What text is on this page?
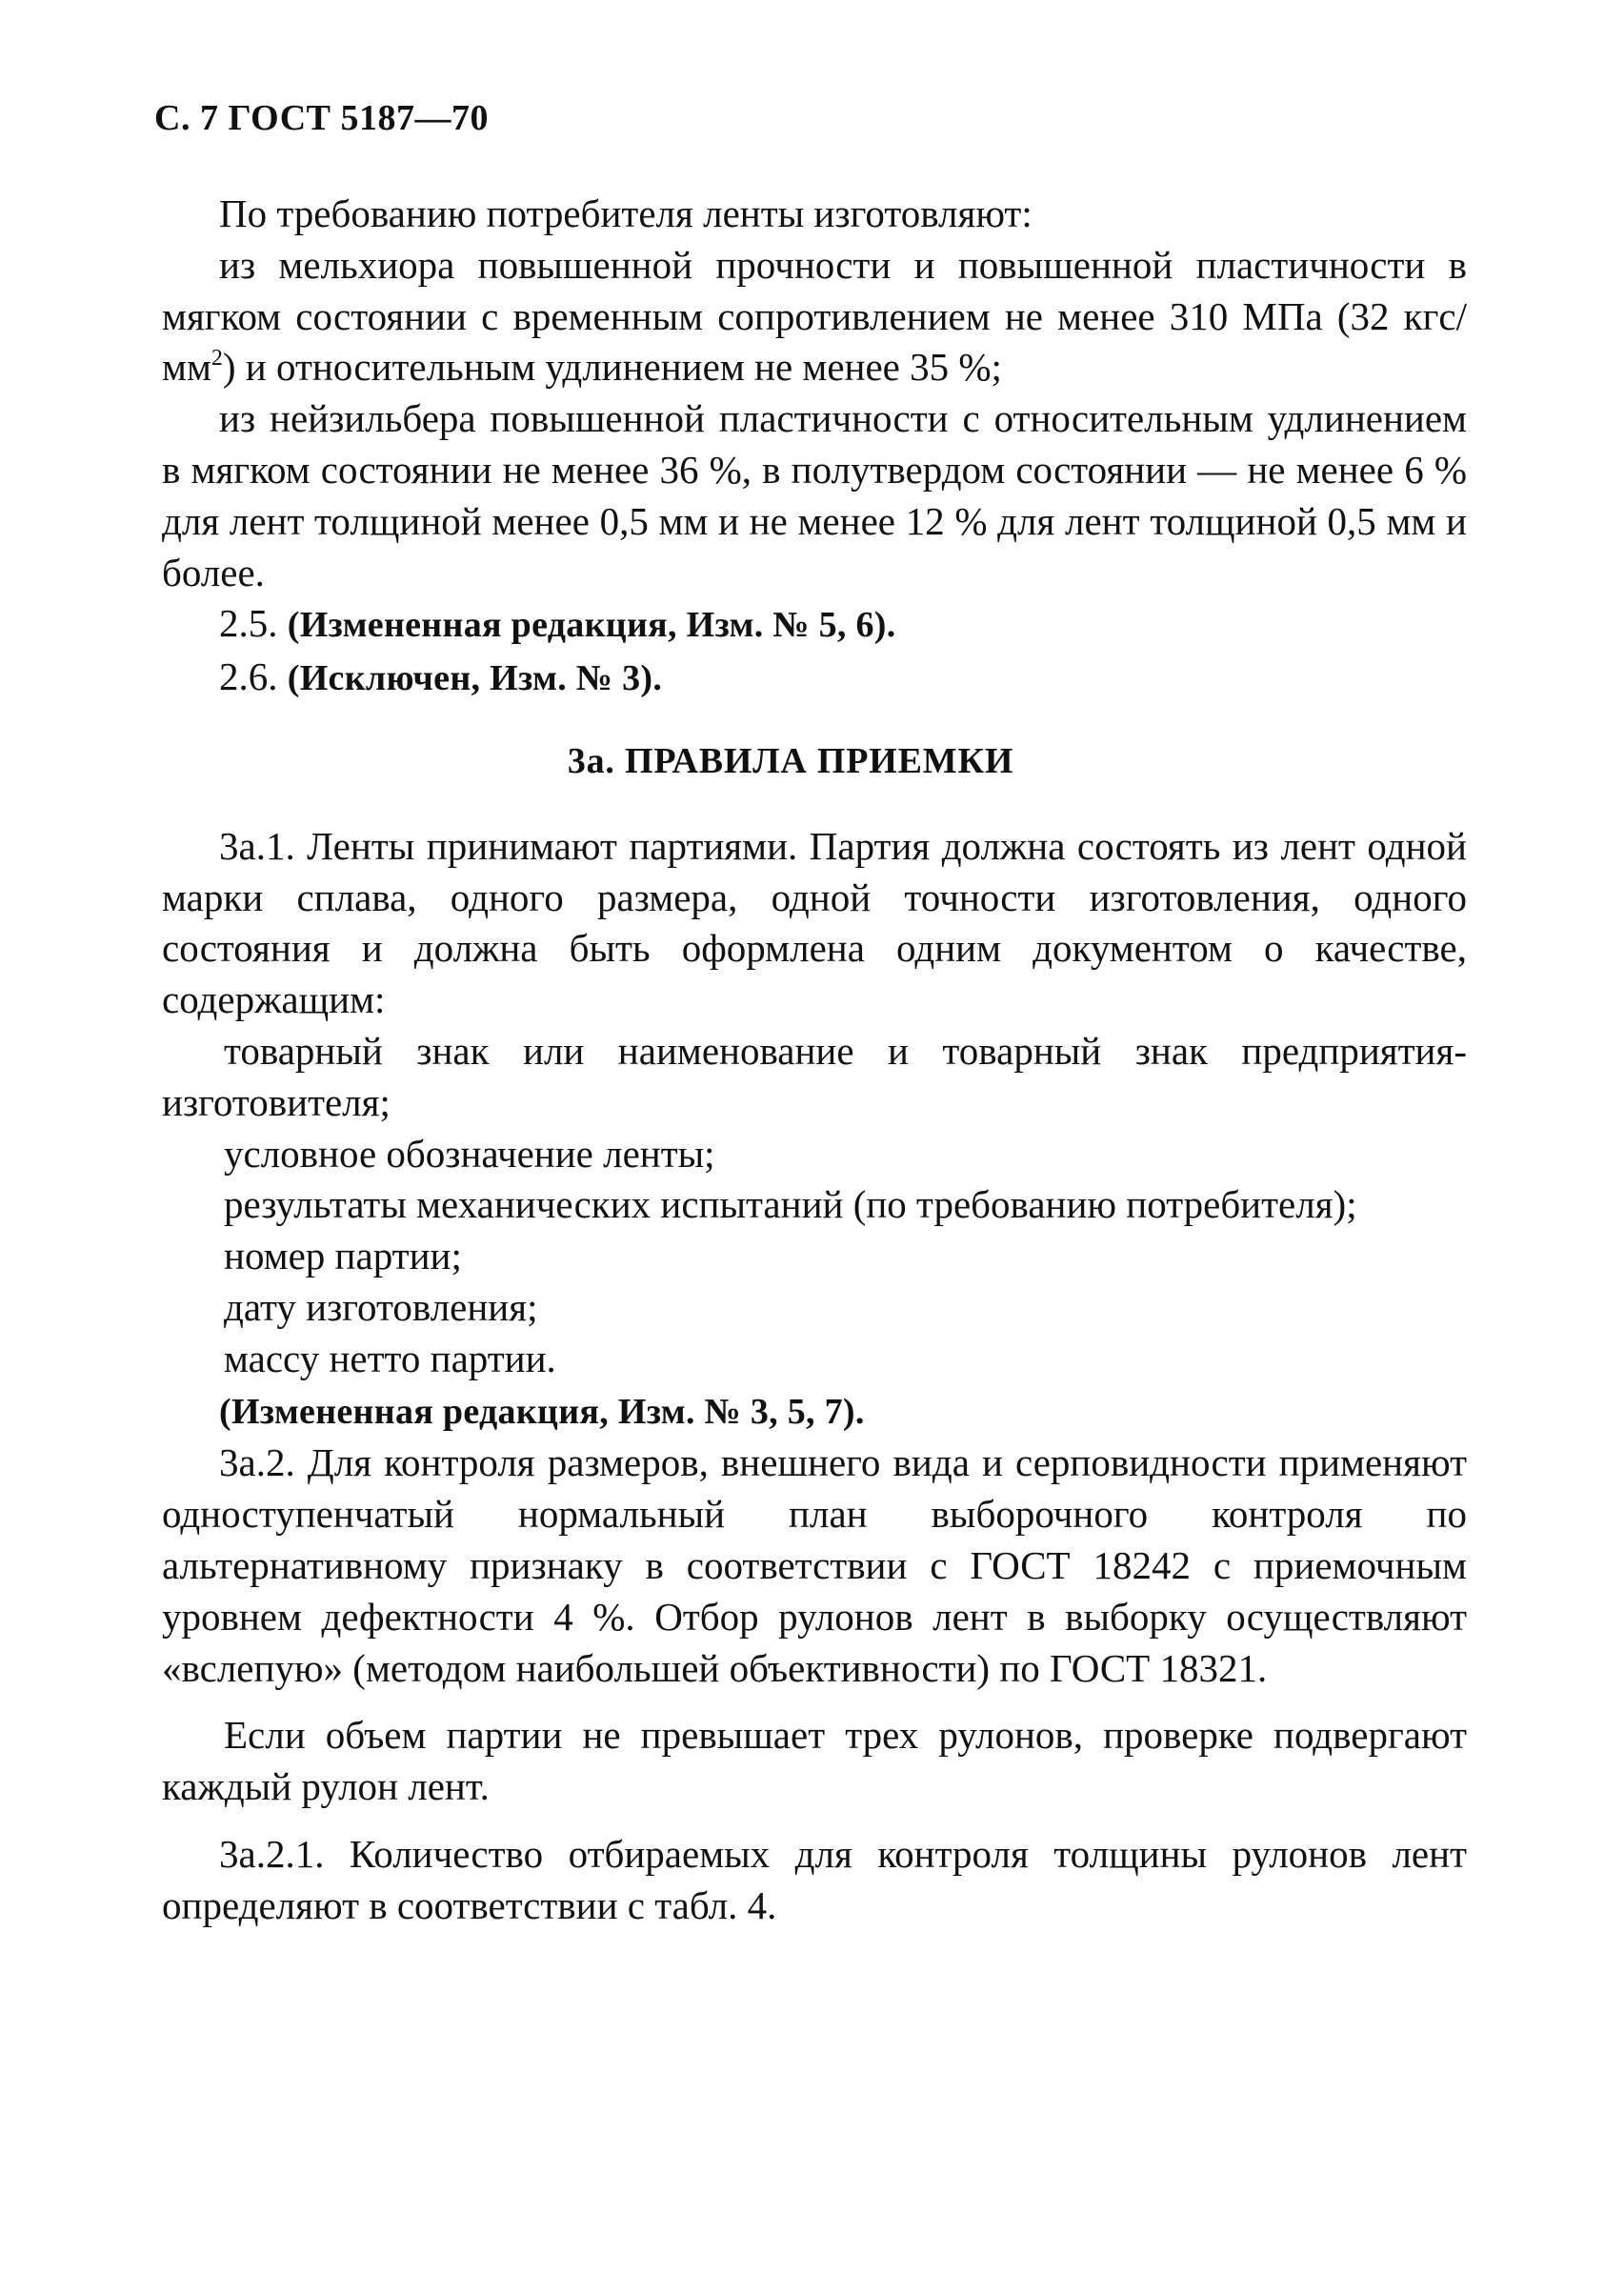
С. 7 ГОСТ 5187—70

По требованию потребителя ленты изготовляют:

из мельхиора повышенной прочности и повышенной пластичности в мягком состоянии с временным сопротивлением не менее 310 МПа (32 кгс/$мм^2$) и относительным удлинением не менее 35 %;

из нейзильбера повышенной пластичности с относительным удлинением в мягком состоянии не менее 36 %, в полутвердом состоянии — не менее 6 % для лент толщиной менее 0,5 мм и не менее 12 % для лент толщиной 0,5 мм и более.

2.5. (Измененная редакция, Изм. № 5, 6).

2.6. (Исключен, Изм. № 3).

3а. ПРАВИЛА ПРИЕМКИ

3а.1. Ленты принимают партиями. Партия должна состоять из лент одной марки сплава, одного размера, одной точности изготовления, одного состояния и должна быть оформлена одним документом о качестве, содержащим:

товарный знак или наименование и товарный знак предприятия-изготовителя;

условное обозначение ленты;

результаты механических испытаний (по требованию потребителя);

номер партии;

дату изготовления;

массу нетто партии.

(Измененная редакция, Изм. № 3, 5, 7).

3а.2. Для контроля размеров, внешнего вида и серповидности применяют одноступенчатый нормальный план выборочного контроля по альтернативному признаку в соответствии с ГОСТ 18242 с приемочным уровнем дефектности 4 %. Отбор рулонов лент в выборку осуществляют «вслепую» (методом наибольшей объективности) по ГОСТ 18321.

Если объем партии не превышает трех рулонов, проверке подвергают каждый рулон лент.

3а.2.1. Количество отбираемых для контроля толщины рулонов лент определяют в соответствии с табл. 4.
